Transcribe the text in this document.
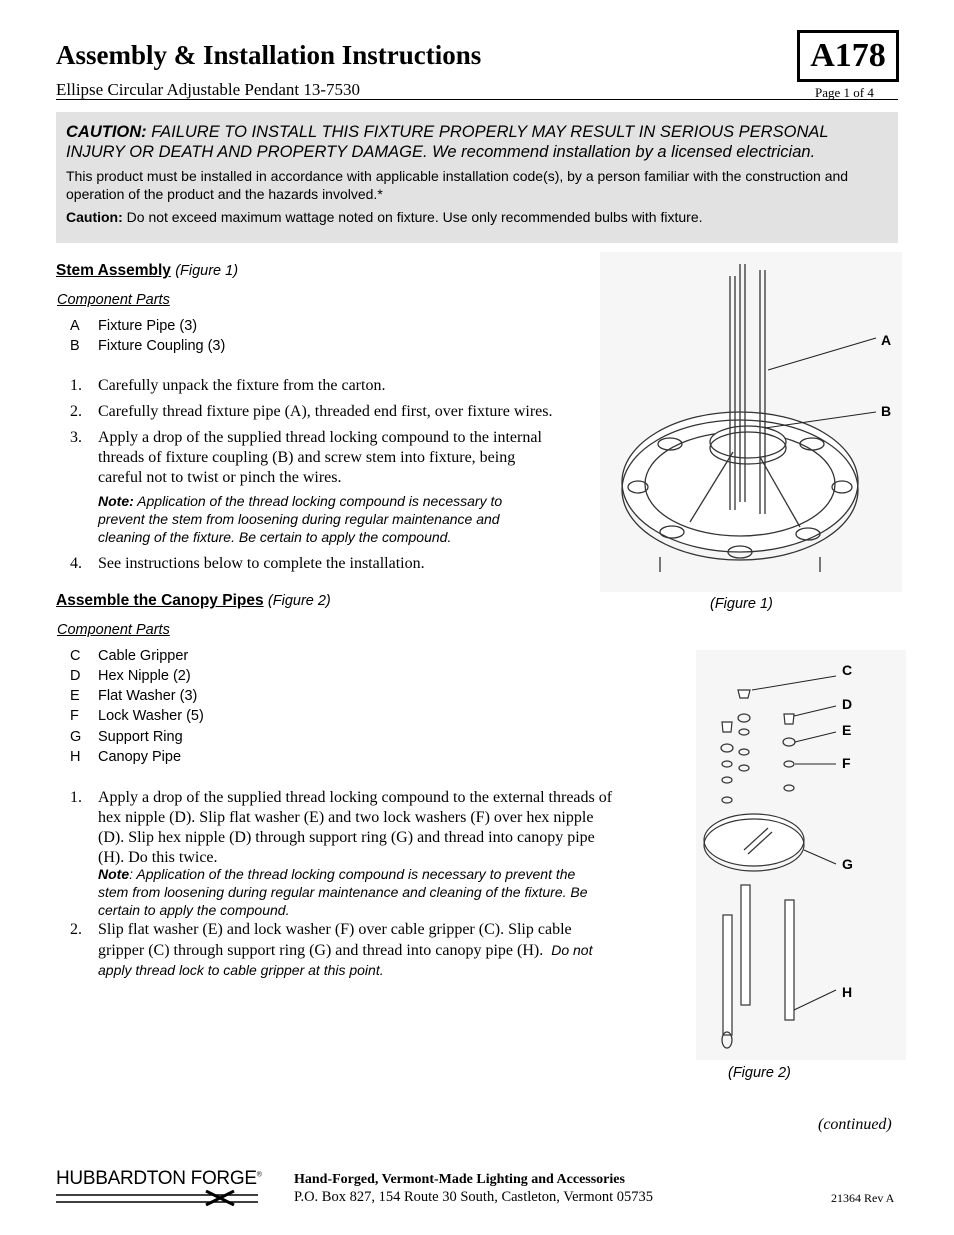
Assembly & Installation Instructions	A178
Ellipse Circular Adjustable Pendant 13-7530	Page 1 of 4
CAUTION: FAILURE TO INSTALL THIS FIXTURE PROPERLY MAY RESULT IN SERIOUS PERSONAL INJURY OR DEATH AND PROPERTY DAMAGE. We recommend installation by a licensed electrician.
This product must be installed in accordance with applicable installation code(s), by a person familiar with the construction and operation of the product and the hazards involved.*
Caution: Do not exceed maximum wattage noted on fixture. Use only recommended bulbs with fixture.
Stem Assembly (Figure 1)
Component Parts
A Fixture Pipe (3)
B Fixture Coupling (3)
1. Carefully unpack the fixture from the carton.
2. Carefully thread fixture pipe (A), threaded end first, over fixture wires.
3. Apply a drop of the supplied thread locking compound to the internal
threads of fixture coupling (B) and screw stem into fixture, being
careful not to twist or pinch the wires.
Note: Application of the thread locking compound is necessary to
prevent the stem from loosening during regular maintenance and
cleaning of the fixture. Be certain to apply the compound.
4. See instructions below to complete the installation.
Assemble the Canopy Pipes (Figure 2)
Component Parts
C Cable Gripper
D Hex Nipple (2)
E Flat Washer (3)
F Lock Washer (5)
G Support Ring
H Canopy Pipe
1. Apply a drop of the supplied thread locking compound to the external threads of
hex nipple (D). Slip flat washer (E) and two lock washers (F) over hex nipple
(D). Slip hex nipple (D) through support ring (G) and thread into canopy pipe
(H). Do this twice.
Note: Application of the thread locking compound is necessary to prevent the
stem from loosening during regular maintenance and cleaning of the fixture. Be
certain to apply the compound.
2. Slip flat washer (E) and lock washer (F) over cable gripper (C). Slip cable
gripper (C) through support ring (G) and thread into canopy pipe (H). Do not
apply thread lock to cable gripper at this point.
A
B
(Figure 1)
C
D
E
F
G
H
(Figure 2)
(continued)
HUBBARDTON FORGE® Hand-Forged, Vermont-Made Lighting and Accessories
P.O. Box 827, 154 Route 30 South, Castleton, Vermont 05735	21364 Rev A
